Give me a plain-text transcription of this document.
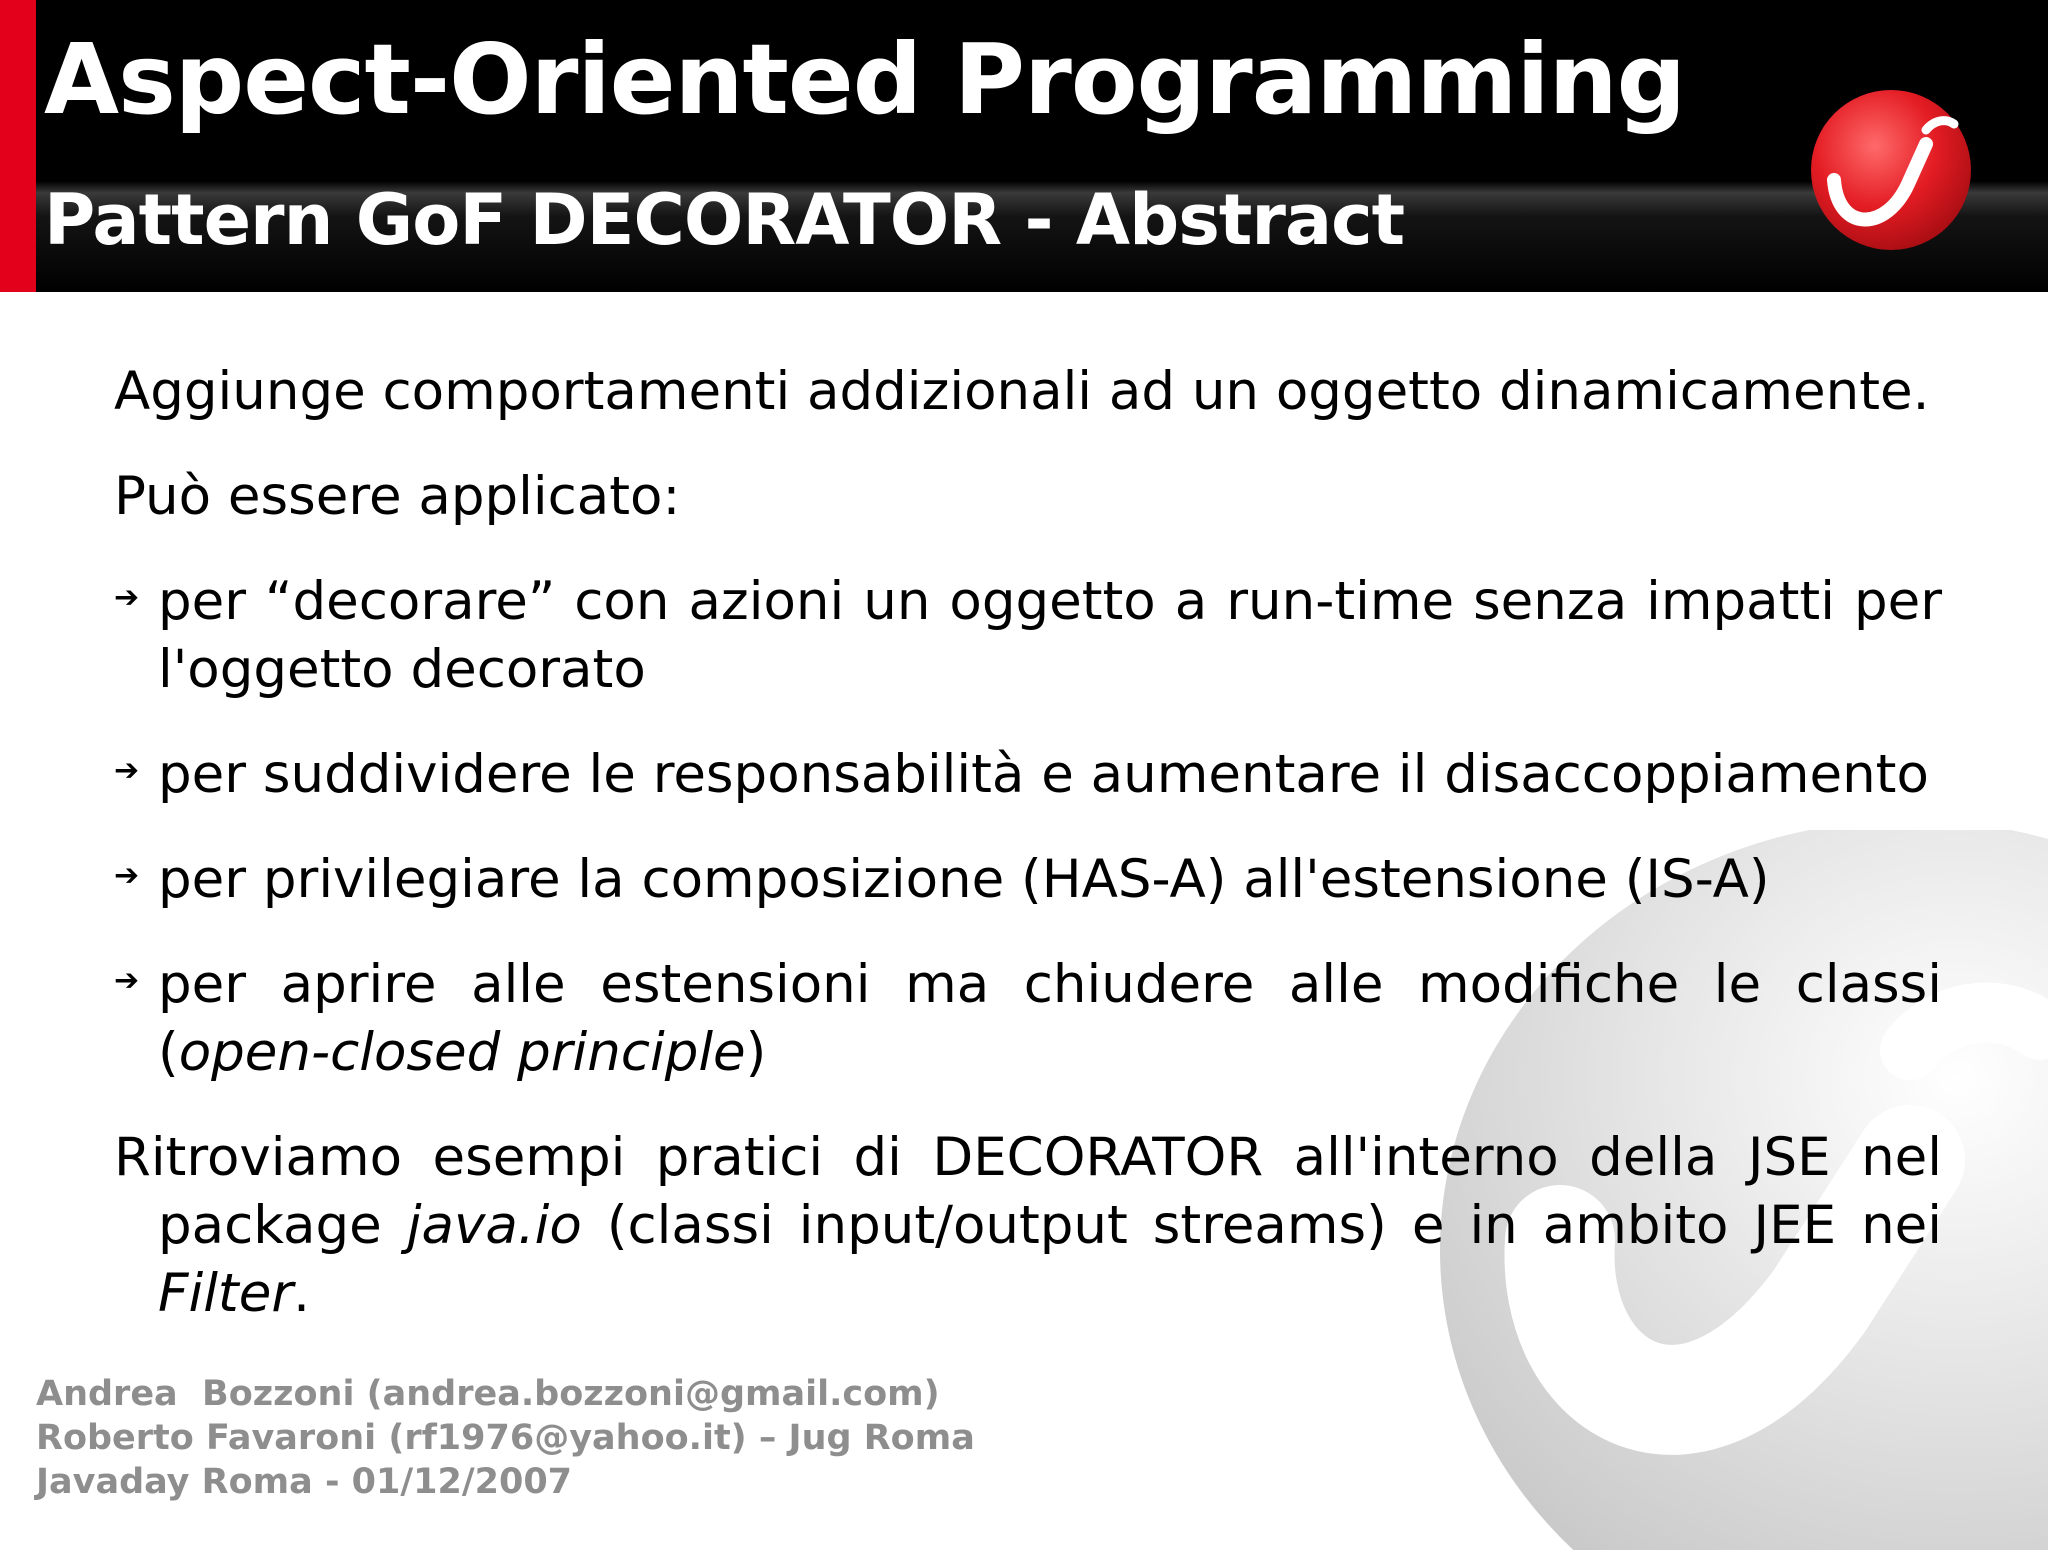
Aspect-Oriented Programming
Pattern GoF DECORATOR - Abstract
Aggiunge comportamenti addizionali ad un oggetto dinamicamente.
Può essere applicato:
➔ per “decorare” con azioni un oggetto a run-time senza impatti per l'oggetto decorato
➔ per suddividere le responsabilità e aumentare il disaccoppiamento
➔ per privilegiare la composizione (HAS-A) all'estensione (IS-A)
➔ per aprire alle estensioni ma chiudere alle modifiche le classi (open-closed principle)
Ritroviamo esempi pratici di DECORATOR all'interno della JSE nel package java.io (classi input/output streams) e in ambito JEE nei Filter.
Andrea  Bozzoni (andrea.bozzoni@gmail.com)
Roberto Favaroni (rf1976@yahoo.it) – Jug Roma
Javaday Roma - 01/12/2007
